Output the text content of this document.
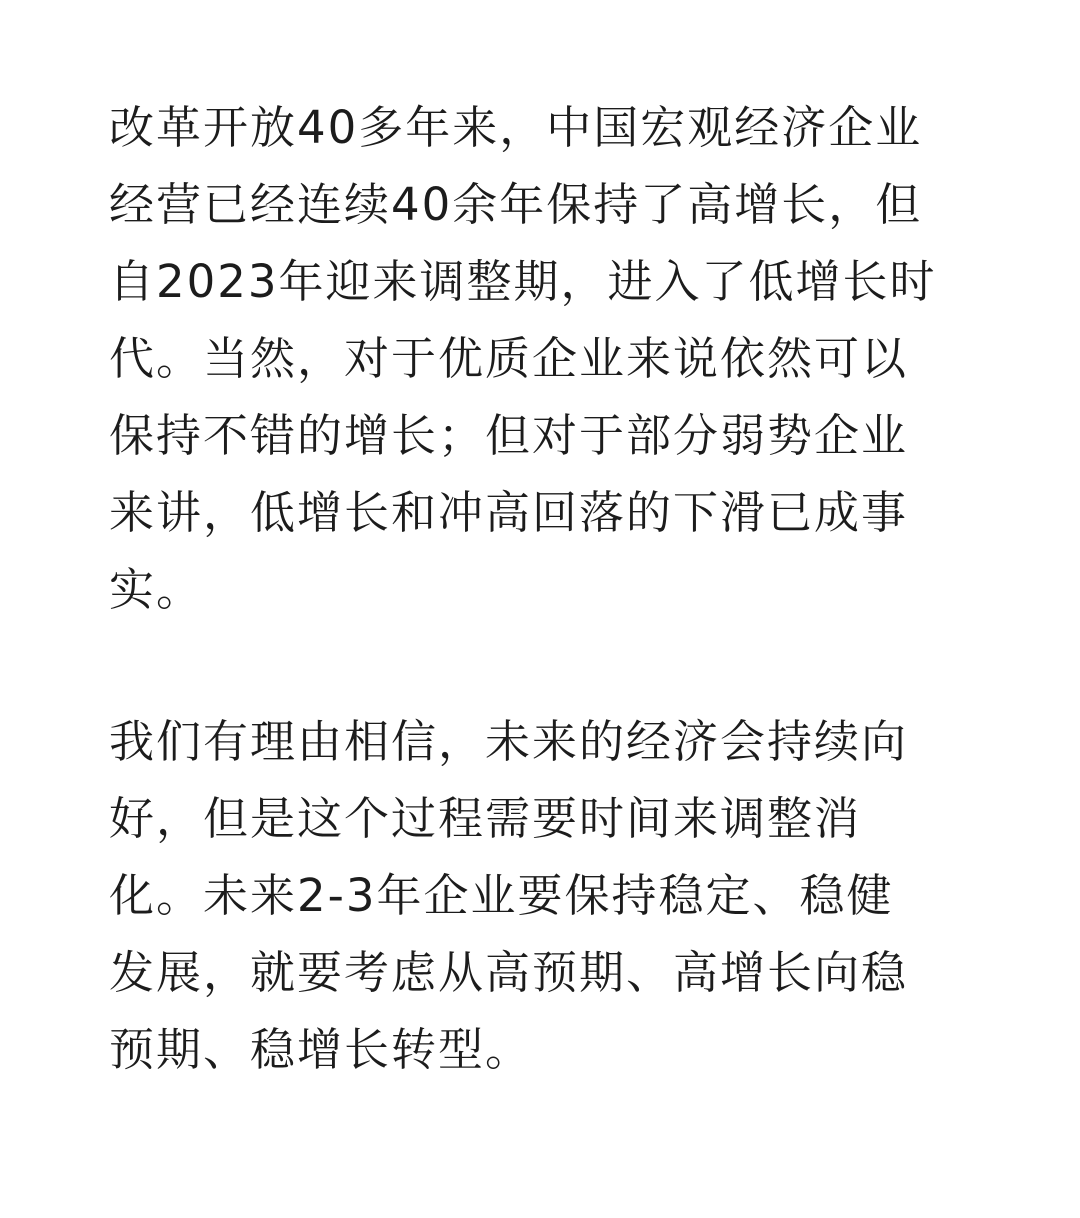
改革开放40多年来，中国宏观经济企业
经营已经连续40余年保持了高增长，但
自2023年迎来调整期，进入了低增长时
代。当然，对于优质企业来说依然可以
保持不错的增长；但对于部分弱势企业
来讲，低增长和冲高回落的下滑已成事
实。
我们有理由相信，未来的经济会持续向
好，但是这个过程需要时间来调整消
化。未来2-3年企业要保持稳定、稳健
发展，就要考虑从高预期、高增长向稳
预期、稳增长转型。
